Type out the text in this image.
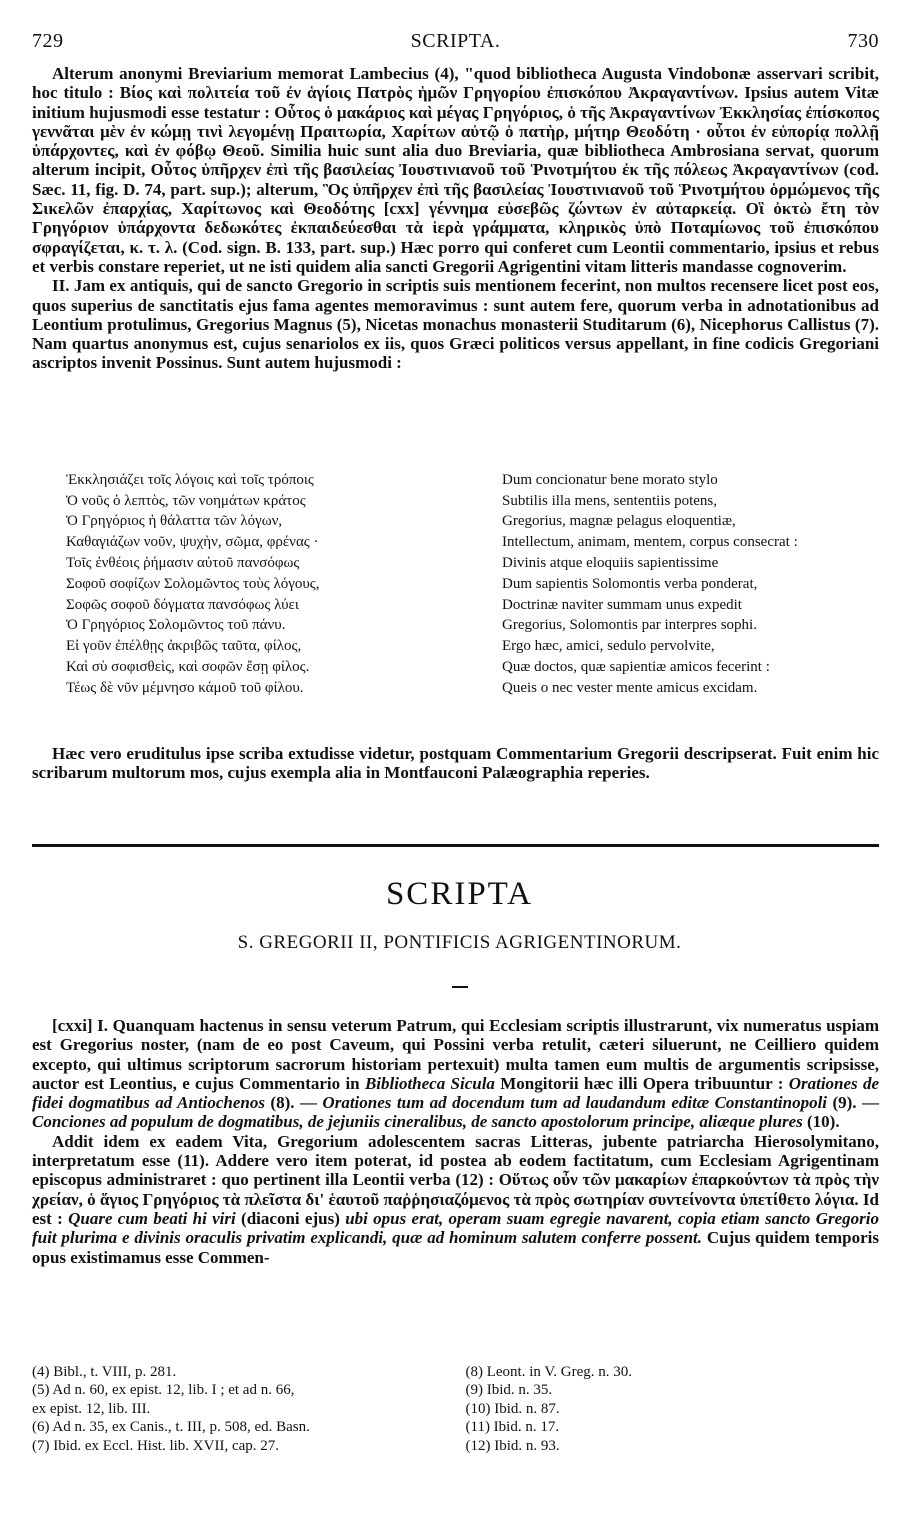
729	SCRIPTA.	730

Alterum anonymi Breviarium memorat Lambecius (4), "quod bibliotheca Augusta Vindobonæ asservari scribit, hoc titulo : Βίος καὶ πολιτεία τοῦ ἐν ἁγίοις Πατρὸς ἡμῶν Γρηγορίου ἐπισκόπου Ἀκραγαντίνων. Ipsius autem Vitæ initium hujusmodi esse testatur : Οὗτος ὁ μακάριος καὶ μέγας Γρηγόριος, ὁ τῆς Ἀκραγαντίνων Ἐκκλησίας ἐπίσκοπος γεννᾶται μὲν ἐν κώμῃ τινὶ λεγομένῃ Πραιτωρία, Χαρίτων αὐτῷ ὁ πατὴρ, μήτηρ Θεοδότη · οὗτοι ἐν εὐπορίᾳ πολλῇ ὑπάρχοντες, καὶ ἐν φόβῳ Θεοῦ. Similia huic sunt alia duo Breviaria, quæ bibliotheca Ambrosiana servat, quorum alterum incipit, Οὗτος ὑπῆρχεν ἐπὶ τῆς βασιλείας Ἰουστινιανοῦ τοῦ Ῥινοτμήτου ἐκ τῆς πόλεως Ἀκραγαντίνων (cod. Sæc. 11, fig. D. 74, part. sup.); alterum, Ὃς ὑπῆρχεν ἐπὶ τῆς βασιλείας Ἰουστινιανοῦ τοῦ Ῥινοτμήτου ὁρμώμενος τῆς Σικελῶν ἐπαρχίας, Χαρίτωνος καὶ Θεοδότης [cxx] γέννημα εὐσεβῶς ζώντων ἐν αὐταρκείᾳ. Οἳ ὀκτὼ ἔτη τὸν Γρηγόριον ὑπάρχοντα δεδωκότες ἐκπαιδεύεσθαι τὰ ἱερὰ γράμματα, κληρικὸς ὑπὸ Ποταμίωνος τοῦ ἐπισκόπου σφραγίζεται, κ. τ. λ. (Cod. sign. B. 133, part. sup.) Hæc porro qui conferet cum Leontii commentario, ipsius et rebus et verbis constare reperiet, ut ne isti quidem alia sancti Gregorii Agrigentini vitam litteris mandasse cognoverim.

II. Jam ex antiquis, qui de sancto Gregorio in scriptis suis mentionem fecerint, non multos recensere licet post eos, quos superius de sanctitatis ejus fama agentes memoravimus : sunt autem fere, quorum verba in adnotationibus ad Leontium protulimus, Gregorius Magnus (5), Nicetas monachus monasterii Studitarum (6), Nicephorus Callistus (7). Nam quartus anonymus est, cujus senariolos ex iis, quos Græci politicos versus appellant, in fine codicis Gregoriani ascriptos invenit Possinus. Sunt autem hujusmodi :

Ἐκκλησιάζει τοῖς λόγοις καὶ τοῖς τρόποις	Dum concionatur bene morato stylo
Ὁ νοῦς ὁ λεπτὸς, τῶν νοημάτων κράτος	Subtilis illa mens, sententiis potens,
Ὁ Γρηγόριος ἡ θάλαττα τῶν λόγων,	Gregorius, magnæ pelagus eloquentiæ,
Καθαγιάζων νοῦν, ψυχὴν, σῶμα, φρένας ·	Intellectum, animam, mentem, corpus consecrat :
Τοῖς ἐνθέοις ῥήμασιν αὐτοῦ πανσόφως	Divinis atque eloquiis sapientissime
Σοφοῦ σοφίζων Σολομῶντος τοὺς λόγους,	Dum sapientis Solomontis verba ponderat,
Σοφῶς σοφοῦ δόγματα πανσόφως λύει	Doctrinæ naviter summam unus expedit
Ὁ Γρηγόριος Σολομῶντος τοῦ πάνυ.	Gregorius, Solomontis par interpres sophi.
Εἰ γοῦν ἐπέλθῃς ἀκριβῶς ταῦτα, φίλος,	Ergo hæc, amici, sedulo pervolvite,
Καὶ σὺ σοφισθεὶς, καὶ σοφῶν ἔσῃ φίλος.	Quæ doctos, quæ sapientiæ amicos fecerint :
Τέως δὲ νῦν μέμνησο κάμοῦ τοῦ φίλου.	Queis o nec vester mente amicus excidam.

Hæc vero eruditulus ipse scriba extudisse videtur, postquam Commentarium Gregorii descripserat. Fuit enim hic scribarum multorum mos, cujus exempla alia in Montfauconi Palæographia reperies.

SCRIPTA
S. GREGORII II, PONTIFICIS AGRIGENTINORUM.

[cxxi] I. Quanquam hactenus in sensu veterum Patrum, qui Ecclesiam scriptis illustrarunt, vix numeratus uspiam est Gregorius noster, (nam de eo post Caveum, qui Possini verba retulit, cæteri siluerunt, ne Ceilliero quidem excepto, qui ultimus scriptorum sacrorum historiam pertexuit) multa tamen eum multis de argumentis scripsisse, auctor est Leontius, e cujus Commentario in Bibliotheca Sicula Mongitorii hæc illi Opera tribuuntur : Orationes de fidei dogmatibus ad Antiochenos (8). — Orationes tum ad docendum tum ad laudandum editæ Constantinopoli (9). — Conciones ad populum de dogmatibus, de jejuniis cineralibus, de sancto apostolorum principe, aliæque plures (10).

Addit idem ex eadem Vita, Gregorium adolescentem sacras Litteras, jubente patriarcha Hierosolymitano, interpretatum esse (11). Addere vero item poterat, id postea ab eodem factitatum, cum Ecclesiam Agrigentinam episcopus administraret : quo pertinent illa Leontii verba (12) : Οὕτως οὖν τῶν μακαρίων ἐπαρκούντων τὰ πρὸς τὴν χρείαν, ὁ ἅγιος Γρηγόριος τὰ πλεῖστα δι' ἑαυτοῦ παῤῥησιαζόμενος τὰ πρὸς σωτηρίαν συντείνοντα ὑπετίθετο λόγια. Id est : Quare cum beati hi viri (diaconi ejus) ubi opus erat, operam suam egregie navarent, copia etiam sancto Gregorio fuit plurima e divinis oraculis privatim explicandi, quæ ad hominum salutem conferre possent. Cujus quidem temporis opus existimamus esse Commen-

(4) Bibl., t. VIII, p. 281.

(5) Ad n. 60, ex epist. 12, lib. I ; et ad n. 66,

ex epist. 12, lib. III.

(6) Ad n. 35, ex Canis., t. III, p. 508, ed. Basn.

(7) Ibid. ex Eccl. Hist. lib. XVII, cap. 27.

(8) Leont. in V. Greg. n. 30.

(9) Ibid. n. 35.

(10) Ibid. n. 87.

(11) Ibid. n. 17.

(12) Ibid. n. 93.
